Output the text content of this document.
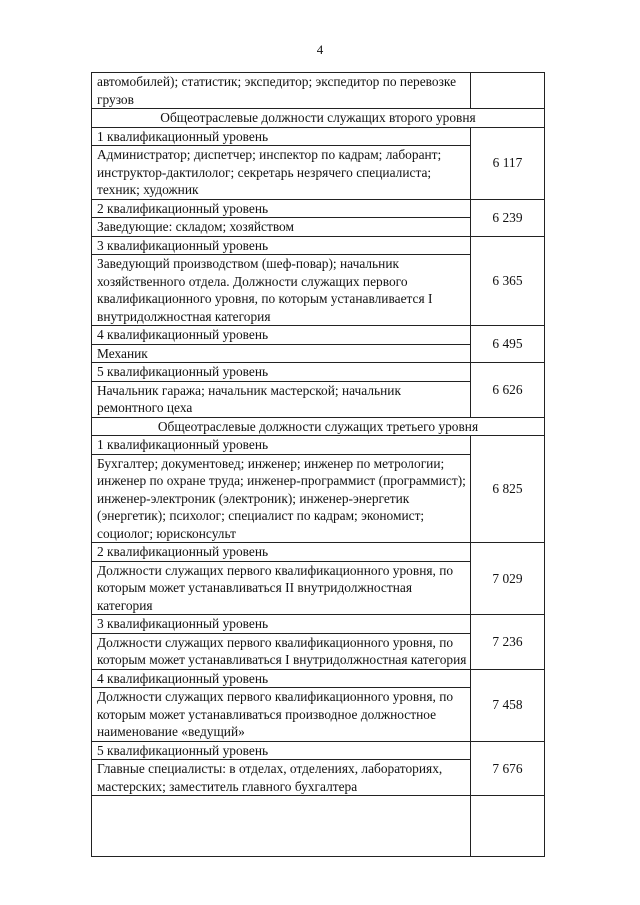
4
автомобилей); статистик; экспедитор; экспедитор по перевозке грузов	
Общеотраслевые должности служащих второго уровня	
1 квалификационный уровень	6 117
Администратор; диспетчер; инспектор по кадрам; лаборант; инструктор-дактилолог; секретарь незрячего специалиста; техник; художник	
2 квалификационный уровень	6 239
Заведующие: складом; хозяйством	
3 квалификационный уровень	6 365
Заведующий производством (шеф-повар); начальник хозяйственного отдела. Должности служащих первого квалификационного уровня, по которым устанавливается I внутридолжностная категория	
4 квалификационный уровень	6 495
Механик	
5 квалификационный уровень	6 626
Начальник гаража; начальник мастерской; начальник ремонтного цеха	
Общеотраслевые должности служащих третьего уровня	
1 квалификационный уровень	6 825
Бухгалтер; документовед; инженер; инженер по метрологии; инженер по охране труда; инженер-программист (программист); инженер-электроник (электроник); инженер-энергетик (энергетик); психолог; специалист по кадрам; экономист; социолог; юрисконсульт	
2 квалификационный уровень	7 029
Должности служащих первого квалификационного уровня, по которым может устанавливаться II внутридолжностная категория	
3 квалификационный уровень	7 236
Должности служащих первого квалификационного уровня, по которым может устанавливаться I внутридолжностная категория	
4 квалификационный уровень	7 458
Должности служащих первого квалификационного уровня, по которым может устанавливаться производное должностное наименование «ведущий»	
5 квалификационный уровень	7 676
Главные специалисты: в отделах, отделениях, лабораториях, мастерских; заместитель главного бухгалтера	
